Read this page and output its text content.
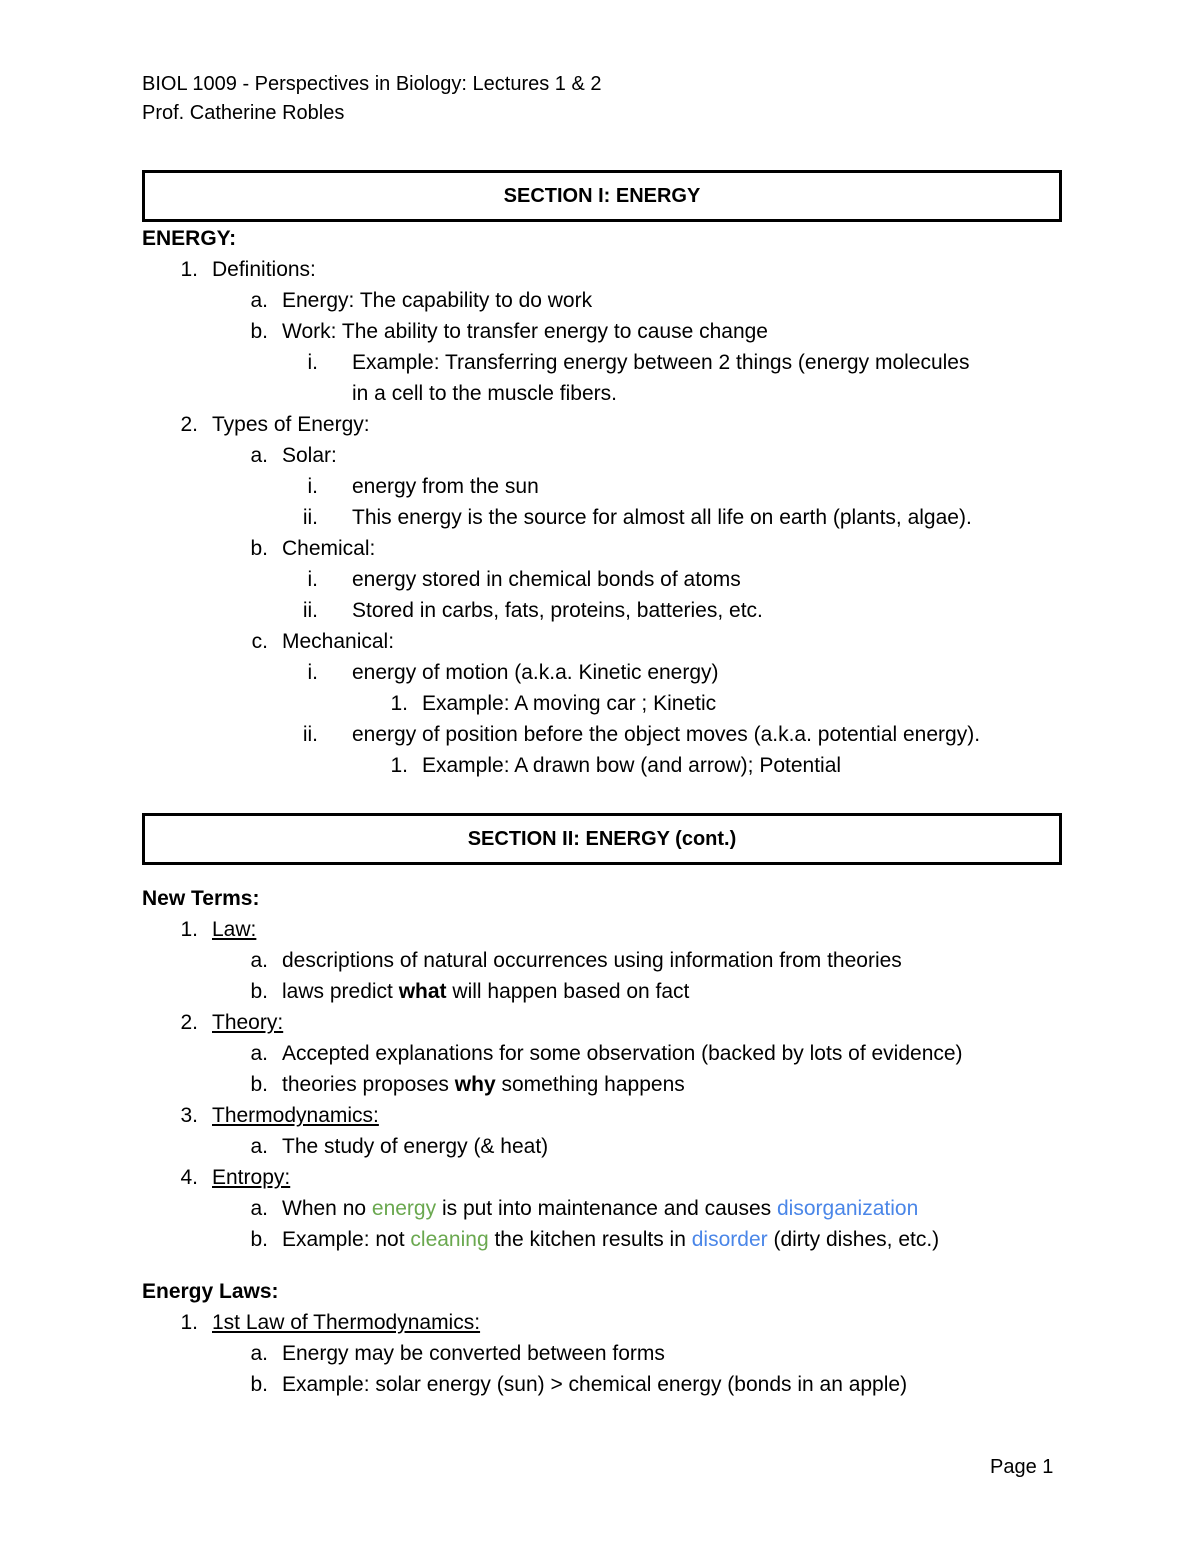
BIOL 1009 - Perspectives in Biology: Lectures 1 & 2
Prof. Catherine Robles
SECTION I: ENERGY
ENERGY:
1. Definitions:
a. Energy: The capability to do work
b. Work: The ability to transfer energy to cause change
i. Example: Transferring energy between 2 things (energy molecules
in a cell to the muscle fibers.
2. Types of Energy:
a. Solar:
i. energy from the sun
ii. This energy is the source for almost all life on earth (plants, algae).
b. Chemical:
i. energy stored in chemical bonds of atoms
ii. Stored in carbs, fats, proteins, batteries, etc.
c. Mechanical:
i. energy of motion (a.k.a. Kinetic energy)
1. Example: A moving car ; Kinetic
ii. energy of position before the object moves (a.k.a. potential energy).
1. Example: A drawn bow (and arrow); Potential
SECTION II: ENERGY (cont.)
New Terms:
1. Law:
a. descriptions of natural occurrences using information from theories
b. laws predict what will happen based on fact
2. Theory:
a. Accepted explanations for some observation (backed by lots of evidence)
b. theories proposes why something happens
3. Thermodynamics:
a. The study of energy (& heat)
4. Entropy:
a. When no energy is put into maintenance and causes disorganization
b. Example: not cleaning the kitchen results in disorder (dirty dishes, etc.)
Energy Laws:
1. 1st Law of Thermodynamics:
a. Energy may be converted between forms
b. Example: solar energy (sun) > chemical energy (bonds in an apple)
Page 1
